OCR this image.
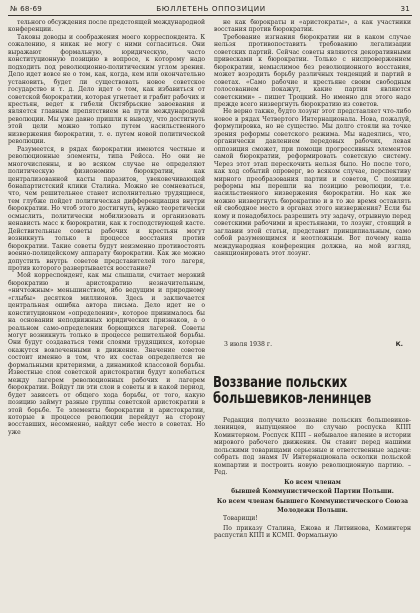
№ 68-69	БЮЛЛЕТЕНЬ ОППОЗИЦИИ	31

тельного обсуждения после предстоящей международной конференции.

Таковы доводы и соображения моего корреспондента. К сожалению, я никак не могу с ними согласиться. Они выражают формальную, юридическую, часто конституционную позицию в вопросе, к которому надо подходить под революционно-политическим углом зрения. Дело идет вовсе не о том, как, когда, кем или окончательно установить, будет ли существовать новое советское государство и т. д. Дело идет о том, как избавиться от советской бюрократии, которая угнетает и грабит рабочих и крестьян, ведет к гибели Октябрьские завоевания и является главным препятствием на пути международной революции. Мы уже давно пришли к выводу, что достигнуть этой цели можно только путем насильственного низвержения бюрократии, т. е. путем новой политической революции.

Разумеется, в рядах бюрократии имеются честные и революционные элементы, типа Рейсса. Но они не многочисленны, и во всяком случае не определяют политическую физиономию бюрократии, как централизованной касты паразитов, увековечивающей бонапартистский клики Сталина. Можно не сомневаться, что, чем решительнее станет исполнительно трудящиеся, тем глубже пойдет политическая дифференциация внутри бюрократии. Но чтоб этого достигнуть, нужно теоретически осмыслить, политически мобилизовать и организовать ненависть масс к бюрократии, как к господствующей касте. Действительные советы рабочих и крестьян могут возникнуть только в процессе восстания против бюрократии. Такие советы будут неизменно противостоять военно-полицейскому аппарату бюрократии. Как же можно допустить внутрь советов представителей того лагеря, против которого развертывается восстание?

Мой корреспондент, как мы слышали, считает мерзкий бюрократию и аристократию незначительным, «ничтожным» меньшинством, ибо ведущим и природному «глыбы» десятков миллионов. Здесь и заключается центральная ошибка автора письма. Дело идет не о конституционном «определении», которое принималось бы на основании неподвижных юридических признаков, а о реальном само-определении борющихся лагерей. Советы могут возникнуть только в процессе решительной борьбы. Они будут создаваться теми слоями трудящихся, которые окажутся вовлеченными в движение. Значение советов состоит именно в том, что их состав определяется не формальными критериями, а динамикой классовой борьбы. Известные слои советской аристократии будут колебаться между лагерем революционных рабочих и лагерем бюрократии. Войдут ли эти слои в советы и в какой период, будет зависеть от общего хода борьбы, от того, какую позицию займут разные группы советской аристократии в этой борьбе. Те элементы бюрократии и аристократии, которые в процессе революции перейдут на сторону восставших, несомненно, найдут себе место в советах. Но уже

не как бюрократы и «аристократы», а как участники восстания против бюрократии.

Требование изгнания бюрократии ни в каком случае нельзя противопоставить требованию легализации советских партий. Сейчас советы являются декоративными привесками к бюрократии. Только с ниспровержением бюрократии, немыслимое без революционного восстания, может возродить борьбу различных тенденций и партий в советах. «Само рабочие и крестьяне своим свободным голосованием покажут, какие партии являются советскими» – пишет Троцкий. Но именно для этого надо прежде всего низвергнуть бюрократию из советов.

Не верно также, будто лозунг этот представляет что-либо новое в рядах Четвертого Интернационала. Нова, пожалуй, формулировка, но не существо. Мы долго стояли на точке зрения реформы советского режима. Мы надеялись, что, органически давлением передовых рабочих, левая оппозиция сможет, при помощи прогрессивных элементов самой бюрократии, реформировать советскую систему. Через этот этап перескочить нельзя было. Но после того, как ход событий опроверг, во всяком случае, перспективу мирного преобразования партии и советов, С позиции реформы мы перешли на позицию революции, т.е. насильственного низвержения бюрократии. Но как же можно низвергнуть бюрократию и в то же время оставлять ей свободное место в органах этого низвержения? Если бы кому и понадобилось разрешить эту задачу, отрывную перед советскими рабочими и крестьянами, то лозунг, стоящий в заглавии этой статьи, представит принципиальным, само собой разумеющимся и неотложным. Вот почему наша международная конференция должна, на мой взгляд, санкционировать этот лозунг.

3 июля 1938 г.	К.
Воззвание польских
большевиков-ленинцев

Редакция получило воззвание польских большевиков-ленинцев, выпущенное по случаю роспуска КПП Коминтерном. Роспуск КПП – небывалое явление в истории мирового рабочего движения. Он ставит перед нашими польскими товарищами серьезные и ответственные задачи: собрать под знамя IV Интернационала осколки польской компартии и построить новую революционную партию. – Ред.

Ко всем членам

бывшей Коммунистической Партии Польши.

Ко всем членам бывшего Коммунистического Союза

Молодежи Польши.

Товарищи!

По приказу Сталина, Ежова и Литвинова, Коминтерн распустил КПП и КСМП. Формальную
